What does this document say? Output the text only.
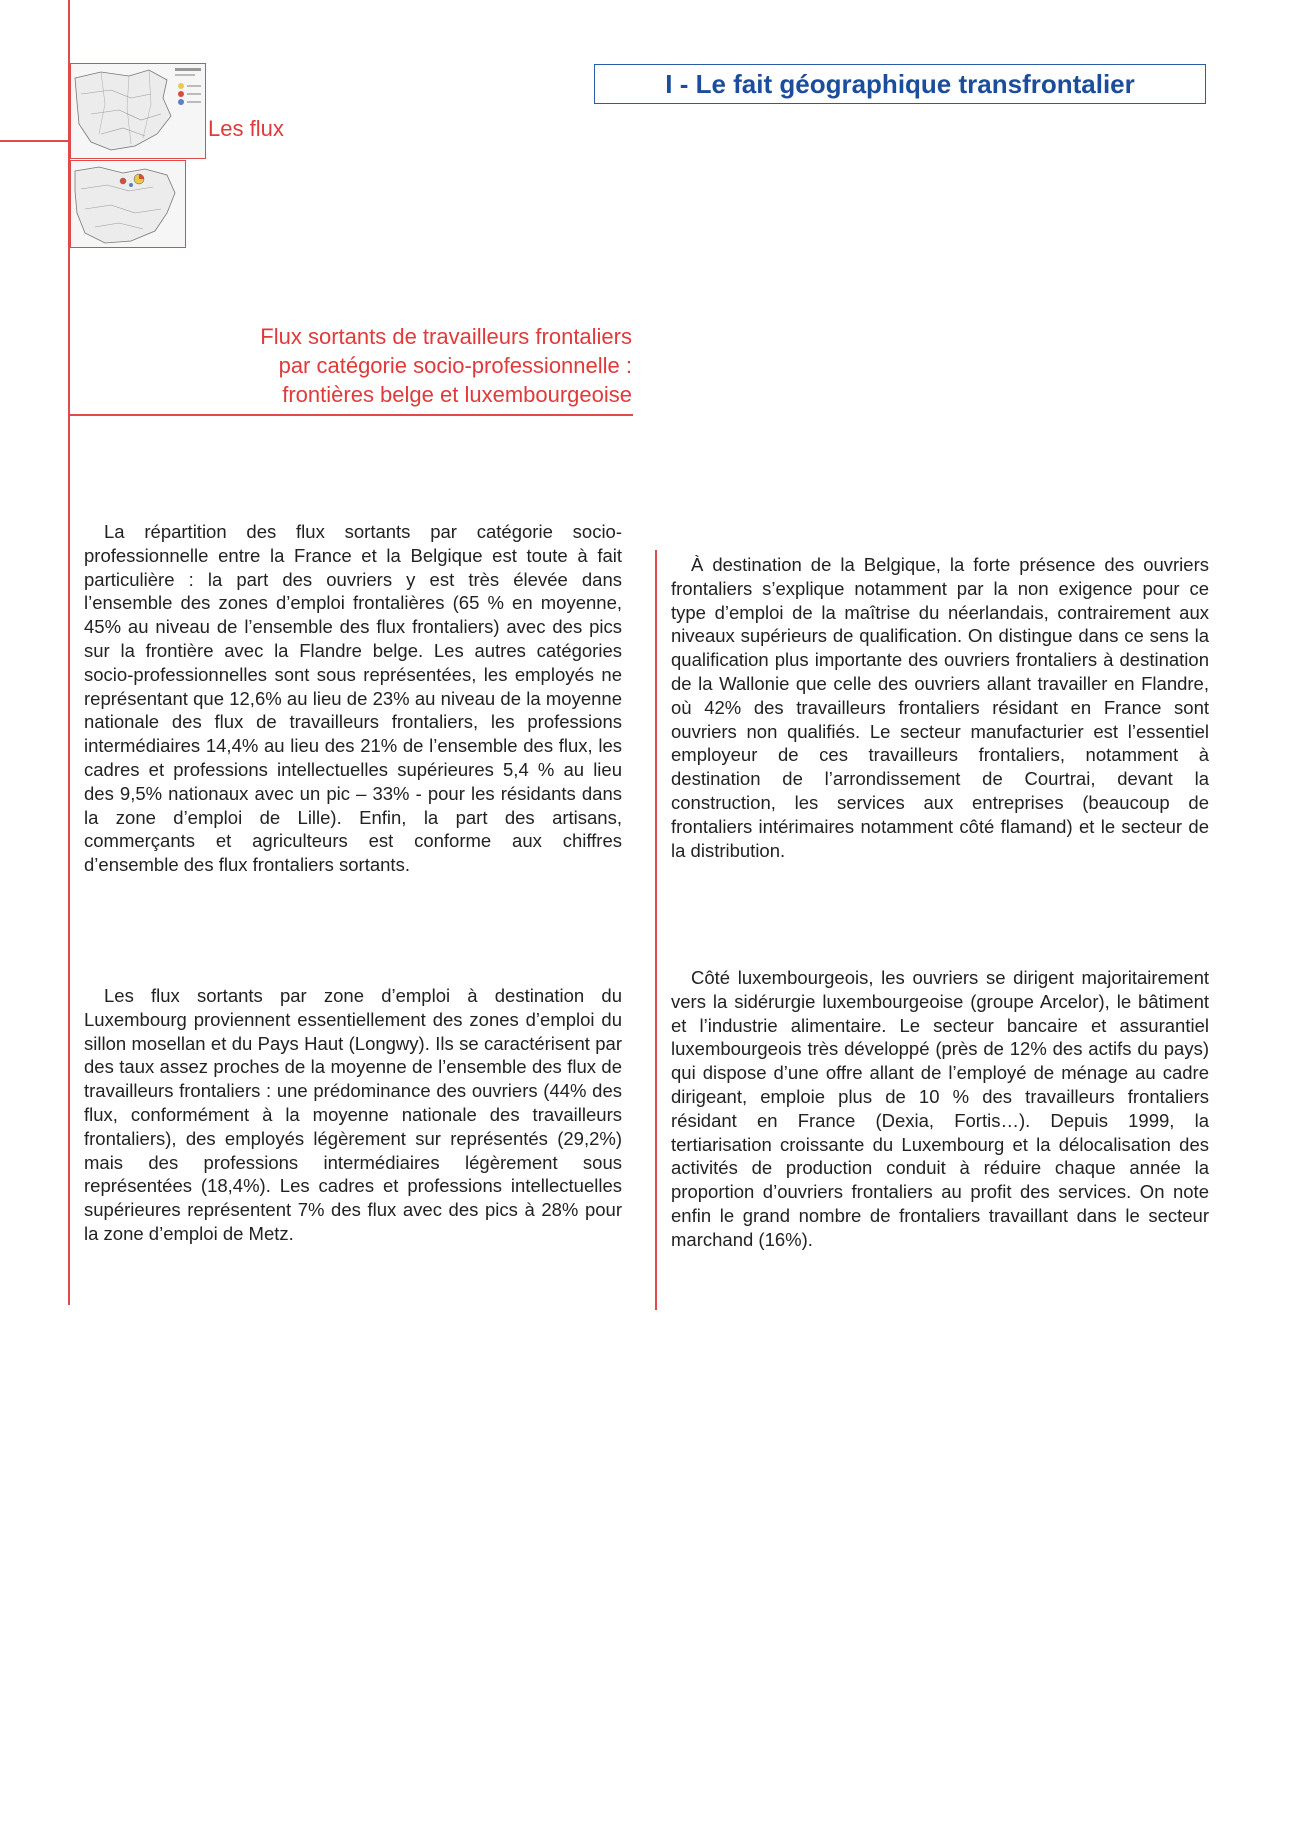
Les flux
I - Le fait géographique transfrontalier
Flux sortants de travailleurs frontaliers
par catégorie socio-professionnelle :
frontières belge et luxembourgeoise

La répartition des flux sortants par catégorie socio-professionnelle entre la France et la Belgique est toute à fait particulière : la part des ouvriers y est très élevée dans l’ensemble des zones d’emploi frontalières (65 % en moyenne, 45% au niveau de l’ensemble des flux frontaliers) avec des pics sur la frontière avec la Flandre belge. Les autres catégories socio-professionnelles sont sous représentées, les employés ne représentant que 12,6% au lieu de 23% au niveau de la moyenne nationale des flux de travailleurs frontaliers, les professions intermédiaires 14,4% au lieu des 21% de l’ensemble des flux, les cadres et professions intellectuelles supérieures 5,4 % au lieu des 9,5% nationaux avec un pic – 33% - pour les résidants dans la zone d’emploi de Lille). Enfin, la part des artisans, commerçants et agriculteurs est conforme aux chiffres d’ensemble des flux frontaliers sortants.

Les flux sortants par zone d’emploi à destination du Luxembourg proviennent essentiellement des zones d’emploi du sillon mosellan et du Pays Haut (Longwy). Ils se caractérisent par des taux assez proches de la moyenne de l’ensemble des flux de travailleurs frontaliers : une prédominance des ouvriers (44% des flux, conformément à la moyenne nationale des travailleurs frontaliers), des employés légèrement sur représentés (29,2%) mais des professions intermédiaires légèrement sous représentées (18,4%). Les cadres et professions intellectuelles supérieures représentent 7% des flux avec des pics à 28% pour la zone d’emploi de Metz.

À destination de la Belgique, la forte présence des ouvriers frontaliers s’explique notamment par la non exigence pour ce type d’emploi de la maîtrise du néerlandais, contrairement aux niveaux supérieurs de qualification. On distingue dans ce sens la qualification plus importante des ouvriers frontaliers à destination de la Wallonie que celle des ouvriers allant travailler en Flandre, où 42% des travailleurs frontaliers résidant en France sont ouvriers non qualifiés. Le secteur manufacturier est l’essentiel employeur de ces travailleurs frontaliers, notamment à destination de l’arrondissement de Courtrai, devant la construction, les services aux entreprises (beaucoup de frontaliers intérimaires notamment côté flamand) et le secteur de la distribution.

Côté luxembourgeois, les ouvriers se dirigent majoritairement vers la sidérurgie luxembourgeoise (groupe Arcelor), le bâtiment et l’industrie alimentaire. Le secteur bancaire et assurantiel luxembourgeois très développé (près de 12% des actifs du pays) qui dispose d’une offre allant de l’employé de ménage au cadre dirigeant, emploie plus de 10 % des travailleurs frontaliers résidant en France (Dexia, Fortis…). Depuis 1999, la tertiarisation croissante du Luxembourg et la délocalisation des activités de production conduit à réduire chaque année la proportion d’ouvriers frontaliers au profit des services. On note enfin le grand nombre de frontaliers travaillant dans le secteur marchand (16%).
